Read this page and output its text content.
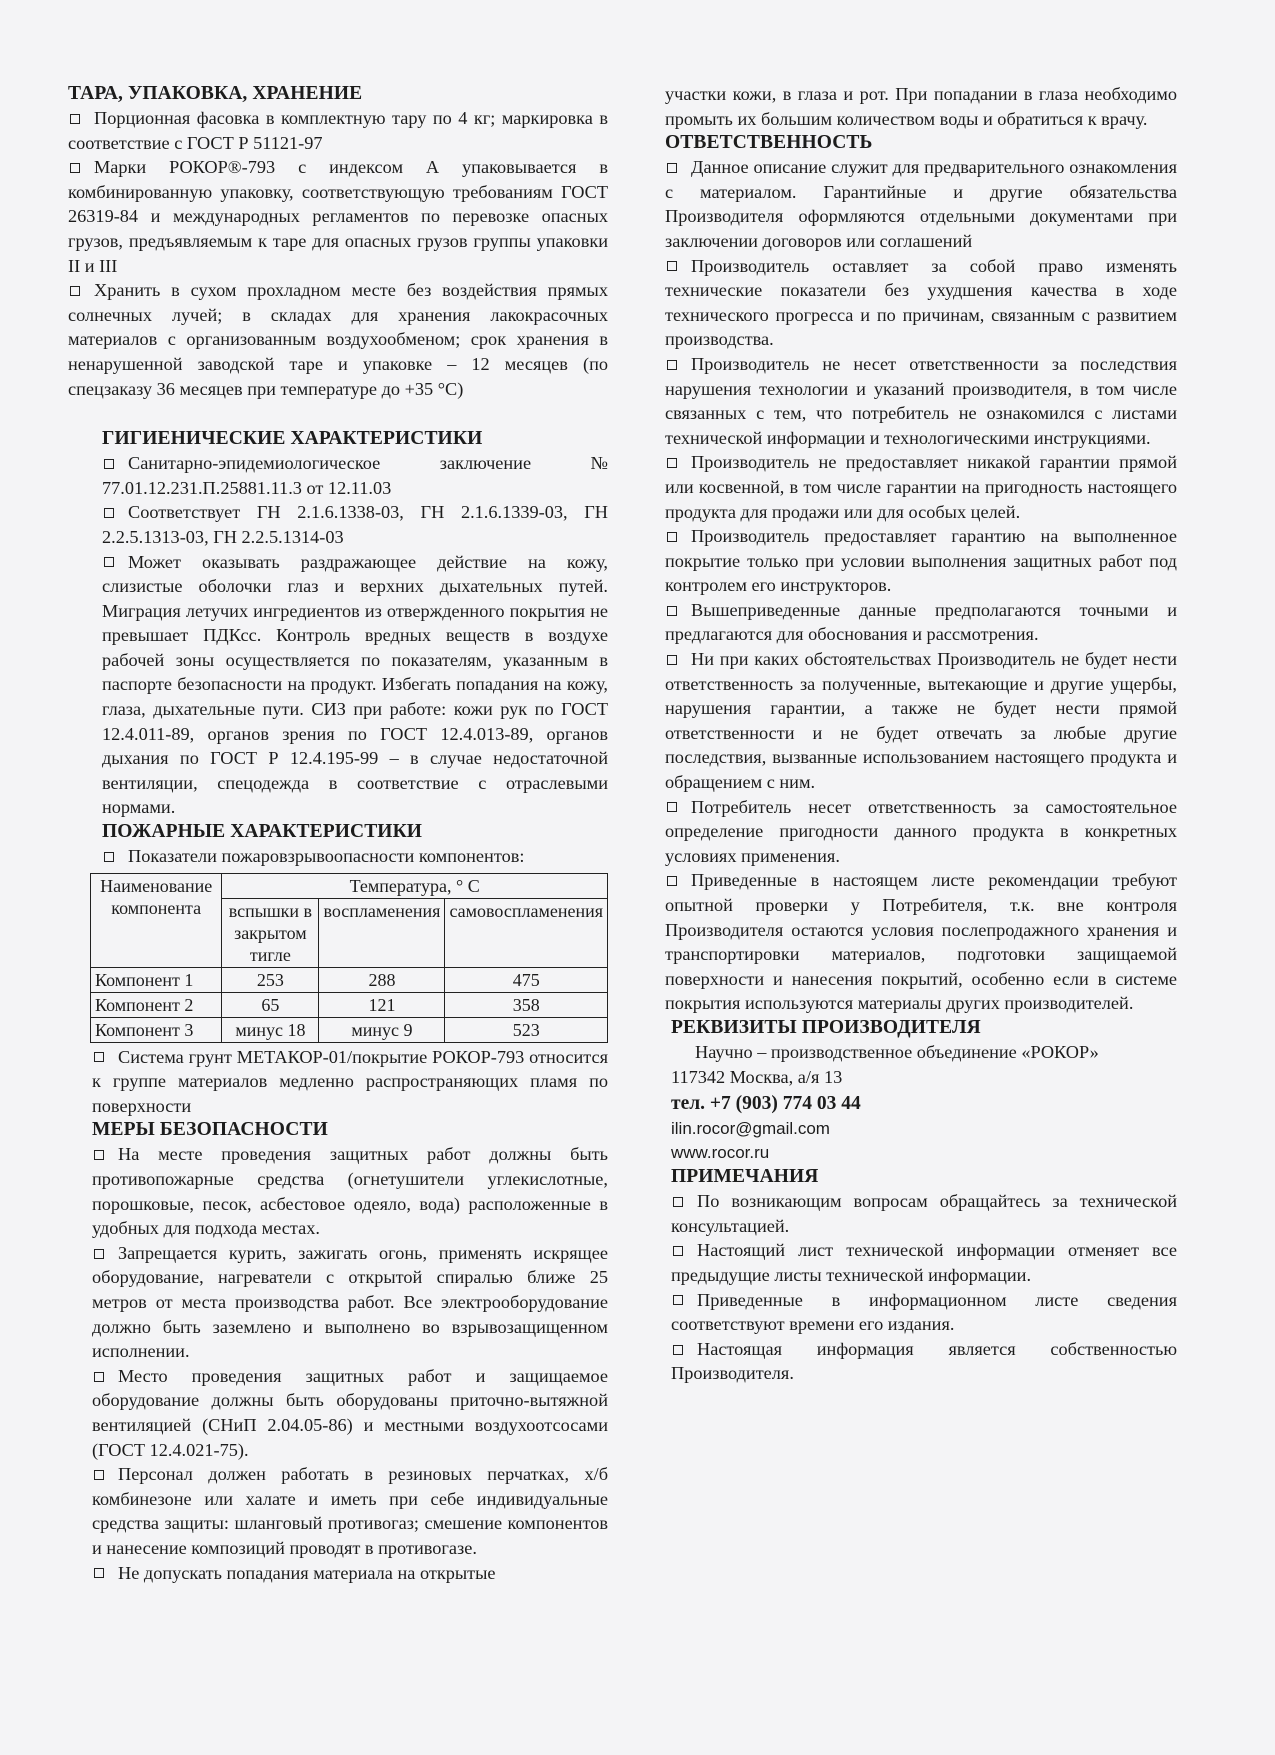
ТАРА, УПАКОВКА, ХРАНЕНИЕ

Порционная фасовка в комплектную тару по 4 кг; маркировка в соответствие с ГОСТ Р 51121-97

Марки РОКОР®-793 с индексом А упаковывается в комбинированную упаковку, соответствующую требованиям ГОСТ 26319-84 и международных регламентов по перевозке опасных грузов, предъявляемым к таре для опасных грузов группы упаковки II и III

Хранить в сухом прохладном месте без воздействия прямых солнечных лучей; в складах для хранения лакокрасочных материалов с организованным воздухообменом; срок хранения в ненарушенной заводской таре и упаковке – 12 месяцев (по спецзаказу 36 месяцев при температуре до +35 °С)

ГИГИЕНИЧЕСКИЕ ХАРАКТЕРИСТИКИ

Санитарно-эпидемиологическое заключение № 77.01.12.231.П.25881.11.3 от 12.11.03

Соответствует ГН 2.1.6.1338-03, ГН 2.1.6.1339-03, ГН 2.2.5.1313-03, ГН 2.2.5.1314-03

Может оказывать раздражающее действие на кожу, слизистые оболочки глаз и верхних дыхательных путей. Миграция летучих ингредиентов из отвержденного покрытия не превышает ПДКсс. Контроль вредных веществ в воздухе рабочей зоны осуществляется по показателям, указанным в паспорте безопасности на продукт. Избегать попадания на кожу, глаза, дыхательные пути. СИЗ при работе: кожи рук по ГОСТ 12.4.011-89, органов зрения по ГОСТ 12.4.013-89, органов дыхания по ГОСТ Р 12.4.195-99 – в случае недостаточной вентиляции, спецодежда в соответствие с отраслевыми нормами.

ПОЖАРНЫЕ ХАРАКТЕРИСТИКИ

Показатели пожаровзрывоопасности компонентов:

Наименование компонента	Температура, ° С		
	вспышки в закрытом тигле	воспламенения	самовоспламенения
Компонент 1	253	288	475
Компонент 2	65	121	358
Компонент 3	минус 18	минус 9	523

Система грунт МЕТАКОР-01/покрытие РОКОР-793 относится к группе материалов медленно распространяющих пламя по поверхности

МЕРЫ БЕЗОПАСНОСТИ

На месте проведения защитных работ должны быть противопожарные средства (огнетушители углекислотные, порошковые, песок, асбестовое одеяло, вода) расположенные в удобных для подхода местах.

Запрещается курить, зажигать огонь, применять искрящее оборудование, нагреватели с открытой спиралью ближе 25 метров от места производства работ. Все электрооборудование должно быть заземлено и выполнено во взрывозащищенном исполнении.

Место проведения защитных работ и защищаемое оборудование должны быть оборудованы приточно-вытяжной вентиляцией (СНиП 2.04.05-86) и местными воздухоотсосами (ГОСТ 12.4.021-75).

Персонал должен работать в резиновых перчатках, х/б комбинезоне или халате и иметь при себе индивидуальные средства защиты: шланговый противогаз; смешение компонентов и нанесение композиций проводят в противогазе.

Не допускать попадания материала на открытые

участки кожи, в глаза и рот. При попадании в глаза необходимо промыть их большим количеством воды и обратиться к врачу.

ОТВЕТСТВЕННОСТЬ

Данное описание служит для предварительного ознакомления с материалом. Гарантийные и другие обязательства Производителя оформляются отдельными документами при заключении договоров или соглашений

Производитель оставляет за собой право изменять технические показатели без ухудшения качества в ходе технического прогресса и по причинам, связанным с развитием производства.

Производитель не несет ответственности за последствия нарушения технологии и указаний производителя, в том числе связанных с тем, что потребитель не ознакомился с листами технической информации и технологическими инструкциями.

Производитель не предоставляет никакой гарантии прямой или косвенной, в том числе гарантии на пригодность настоящего продукта для продажи или для особых целей.

Производитель предоставляет гарантию на выполненное покрытие только при условии выполнения защитных работ под контролем его инструкторов.

Вышеприведенные данные предполагаются точными и предлагаются для обоснования и рассмотрения.

Ни при каких обстоятельствах Производитель не будет нести ответственность за полученные, вытекающие и другие ущербы, нарушения гарантии, а также не будет нести прямой ответственности и не будет отвечать за любые другие последствия, вызванные использованием настоящего продукта и обращением с ним.

Потребитель несет ответственность за самостоятельное определение пригодности данного продукта в конкретных условиях применения.

Приведенные в настоящем листе рекомендации требуют опытной проверки у Потребителя, т.к. вне контроля Производителя остаются условия послепродажного хранения и транспортировки материалов, подготовки защищаемой поверхности и нанесения покрытий, особенно если в системе покрытия используются материалы других производителей.

РЕКВИЗИТЫ ПРОИЗВОДИТЕЛЯ

Научно – производственное объединение «РОКОР»

117342 Москва, а/я 13

тел. +7 (903) 774 03 44

ilin.rocor@gmail.com

www.rocor.ru

ПРИМЕЧАНИЯ

По возникающим вопросам обращайтесь за технической консультацией.

Настоящий лист технической информации отменяет все предыдущие листы технической информации.

Приведенные в информационном листе сведения соответствуют времени его издания.

Настоящая информация является собственностью Производителя.
